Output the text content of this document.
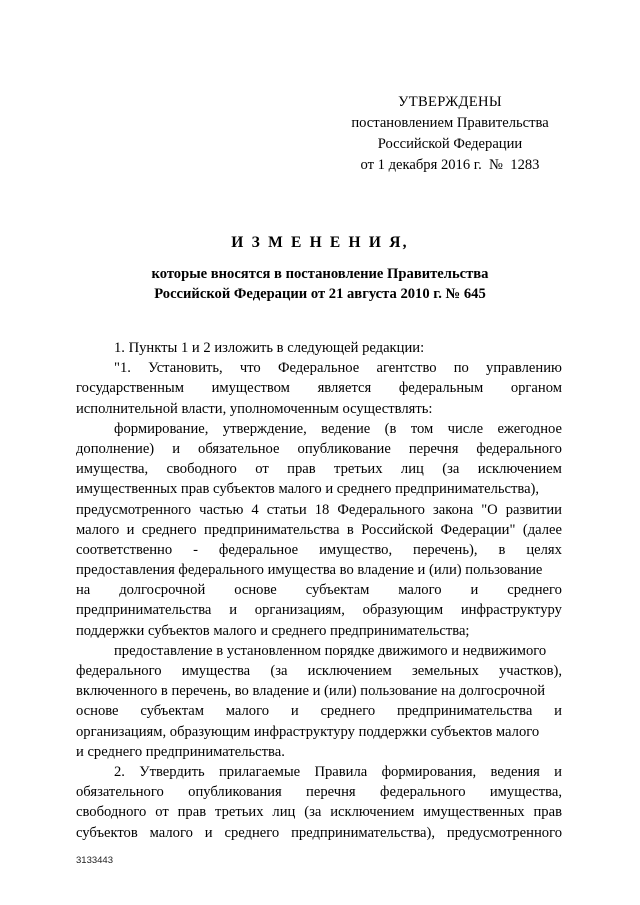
УТВЕРЖДЕНЫ
постановлением Правительства
Российской Федерации
от 1 декабря 2016 г.  №  1283
И З М Е Н Е Н И Я,
которые вносятся в постановление Правительства
Российской Федерации от 21 августа 2010 г. № 645
1. Пункты 1 и 2 изложить в следующей редакции:
"1. Установить, что Федеральное агентство по управлению
государственным имуществом является федеральным органом
исполнительной власти, уполномоченным осуществлять:
формирование, утверждение, ведение (в том числе ежегодное
дополнение) и обязательное опубликование перечня федерального
имущества, свободного от прав третьих лиц (за исключением
имущественных прав субъектов малого и среднего предпринимательства),
предусмотренного частью 4 статьи 18 Федерального закона "О развитии
малого и среднего предпринимательства в Российской Федерации" (далее
соответственно - федеральное имущество, перечень), в целях
предоставления федерального имущества во владение и (или) пользование
на долгосрочной основе субъектам малого и среднего
предпринимательства и организациям, образующим инфраструктуру
поддержки субъектов малого и среднего предпринимательства;
предоставление в установленном порядке движимого и недвижимого
федерального имущества (за исключением земельных участков),
включенного в перечень, во владение и (или) пользование на долгосрочной
основе субъектам малого и среднего предпринимательства и
организациям, образующим инфраструктуру поддержки субъектов малого
и среднего предпринимательства.
2. Утвердить прилагаемые Правила формирования, ведения и
обязательного опубликования перечня федерального имущества,
свободного от прав третьих лиц (за исключением имущественных прав
субъектов малого и среднего предпринимательства), предусмотренного
3133443
